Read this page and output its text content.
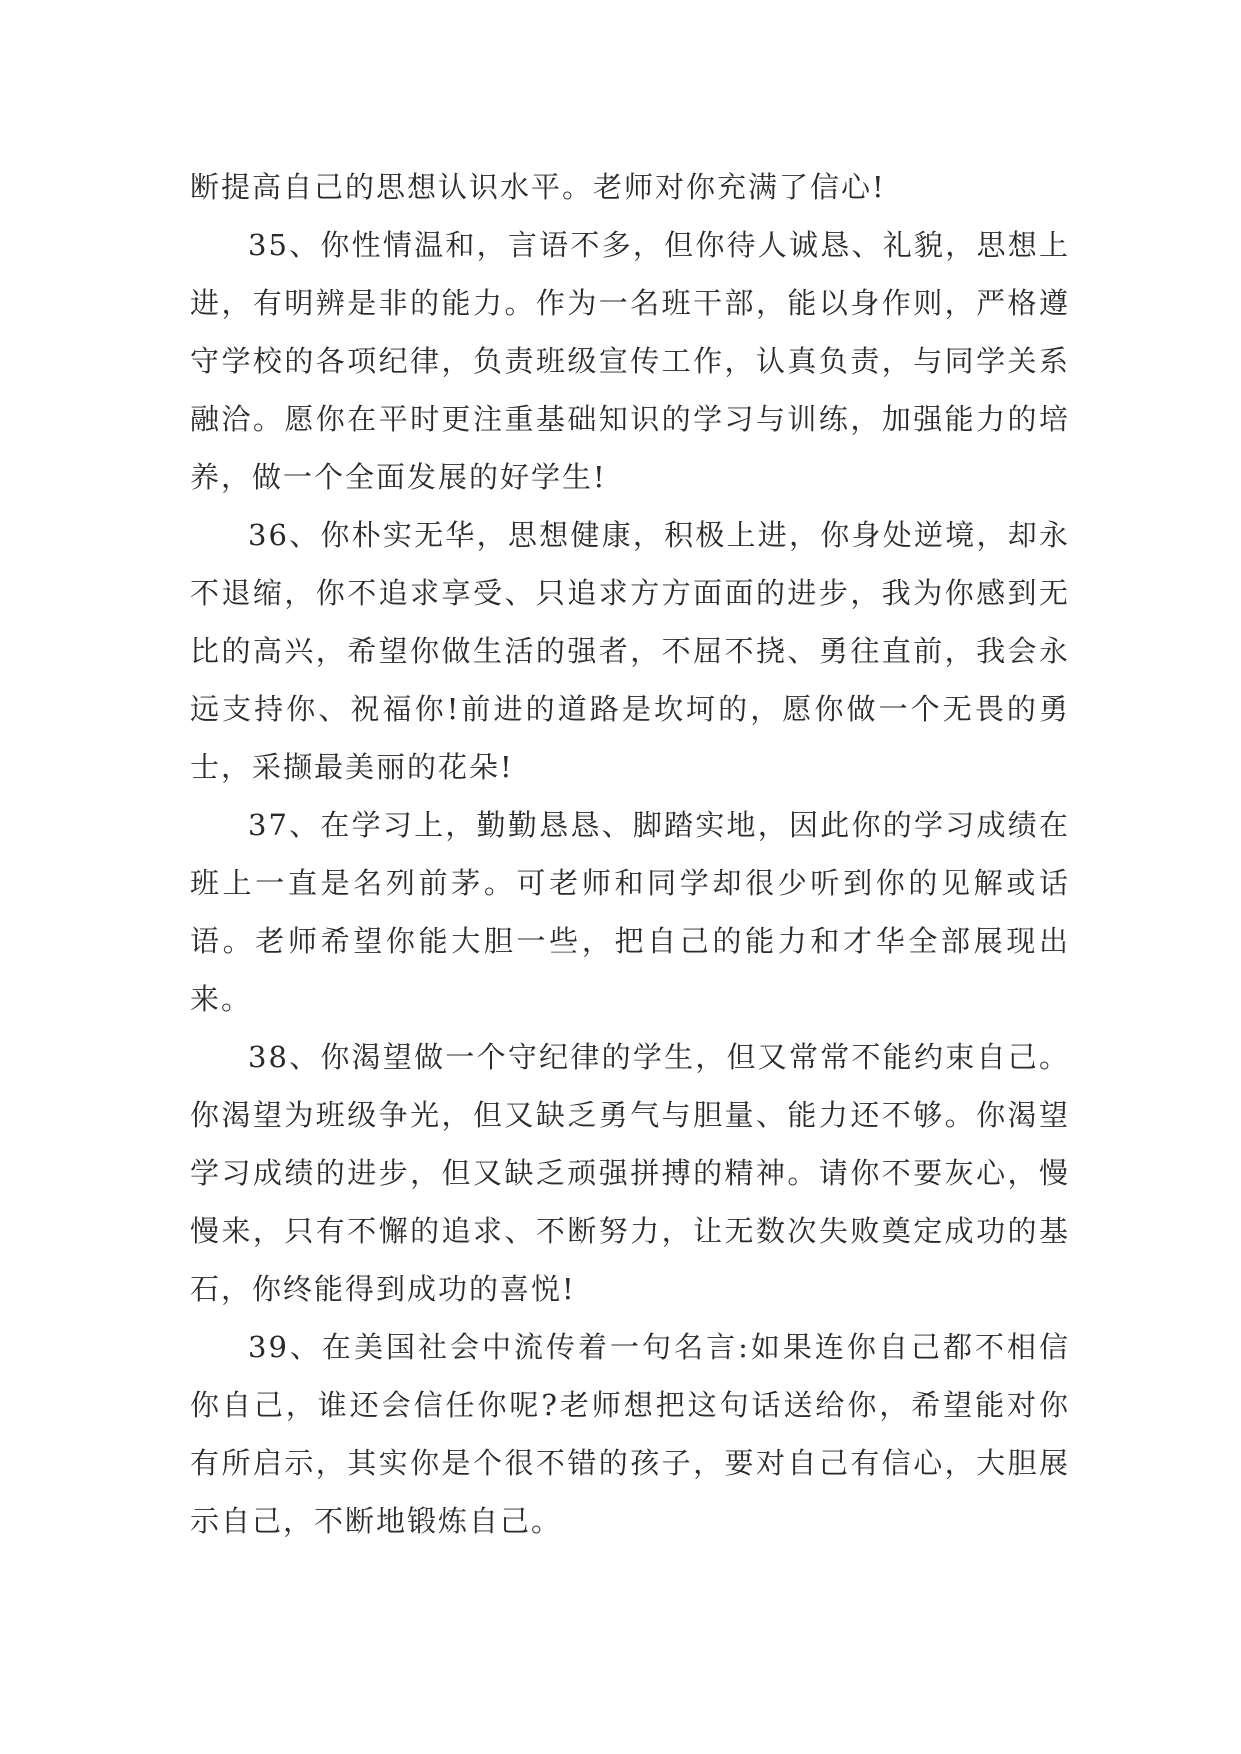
断提高自己的思想认识水平。老师对你充满了信心!

35、你性情温和，言语不多，但你待人诚恳、礼貌，思想上进，有明辨是非的能力。作为一名班干部，能以身作则，严格遵守学校的各项纪律，负责班级宣传工作，认真负责，与同学关系融洽。愿你在平时更注重基础知识的学习与训练，加强能力的培养，做一个全面发展的好学生!

36、你朴实无华，思想健康，积极上进，你身处逆境，却永不退缩，你不追求享受、只追求方方面面的进步，我为你感到无比的高兴，希望你做生活的强者，不屈不挠、勇往直前，我会永远支持你、祝福你!前进的道路是坎坷的，愿你做一个无畏的勇士，采撷最美丽的花朵!

37、在学习上，勤勤恳恳、脚踏实地，因此你的学习成绩在班上一直是名列前茅。可老师和同学却很少听到你的见解或话语。老师希望你能大胆一些，把自己的能力和才华全部展现出来。

38、你渴望做一个守纪律的学生，但又常常不能约束自己。你渴望为班级争光，但又缺乏勇气与胆量、能力还不够。你渴望学习成绩的进步，但又缺乏顽强拼搏的精神。请你不要灰心，慢慢来，只有不懈的追求、不断努力，让无数次失败奠定成功的基石，你终能得到成功的喜悦!

39、在美国社会中流传着一句名言:如果连你自己都不相信你自己，谁还会信任你呢?老师想把这句话送给你，希望能对你有所启示，其实你是个很不错的孩子，要对自己有信心，大胆展示自己，不断地锻炼自己。
